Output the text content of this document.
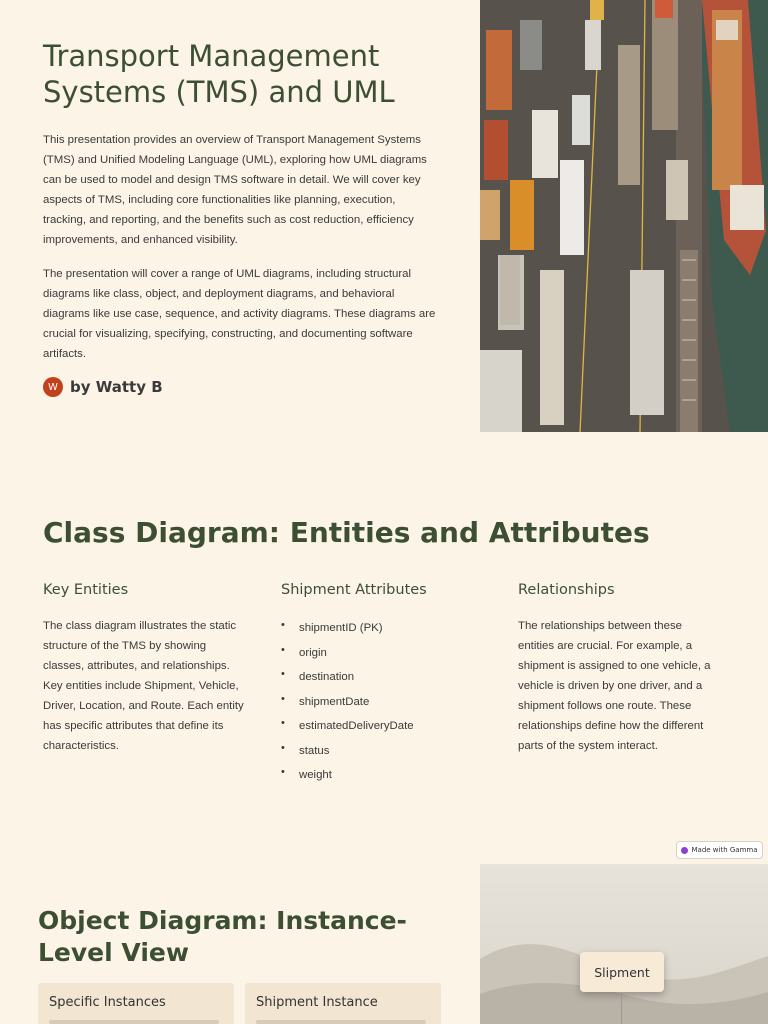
Transport Management Systems (TMS) and UML

This presentation provides an overview of Transport Management Systems (TMS) and Unified Modeling Language (UML), exploring how UML diagrams can be used to model and design TMS software in detail. We will cover key aspects of TMS, including core functionalities like planning, execution, tracking, and reporting, and the benefits such as cost reduction, efficiency improvements, and enhanced visibility.

The presentation will cover a range of UML diagrams, including structural diagrams like class, object, and deployment diagrams, and behavioral diagrams like use case, sequence, and activity diagrams. These diagrams are crucial for visualizing, specifying, constructing, and documenting software artifacts.

W by Watty B
Class Diagram: Entities and Attributes
Key Entities

The class diagram illustrates the static structure of the TMS by showing classes, attributes, and relationships. Key entities include Shipment, Vehicle, Driver, Location, and Route. Each entity has specific attributes that define its characteristics.

Shipment Attributes
• shipmentID (PK)
• origin
• destination
• shipmentDate
• estimatedDeliveryDate
• status
• weight
Relationships

The relationships between these entities are crucial. For example, a shipment is assigned to one vehicle, a vehicle is driven by one driver, and a shipment follows one route. These relationships define how the different parts of the system interact.

Made with Gamma
Object Diagram: Instance-Level View
Specific Instances	Shipment Instance
Slipment
